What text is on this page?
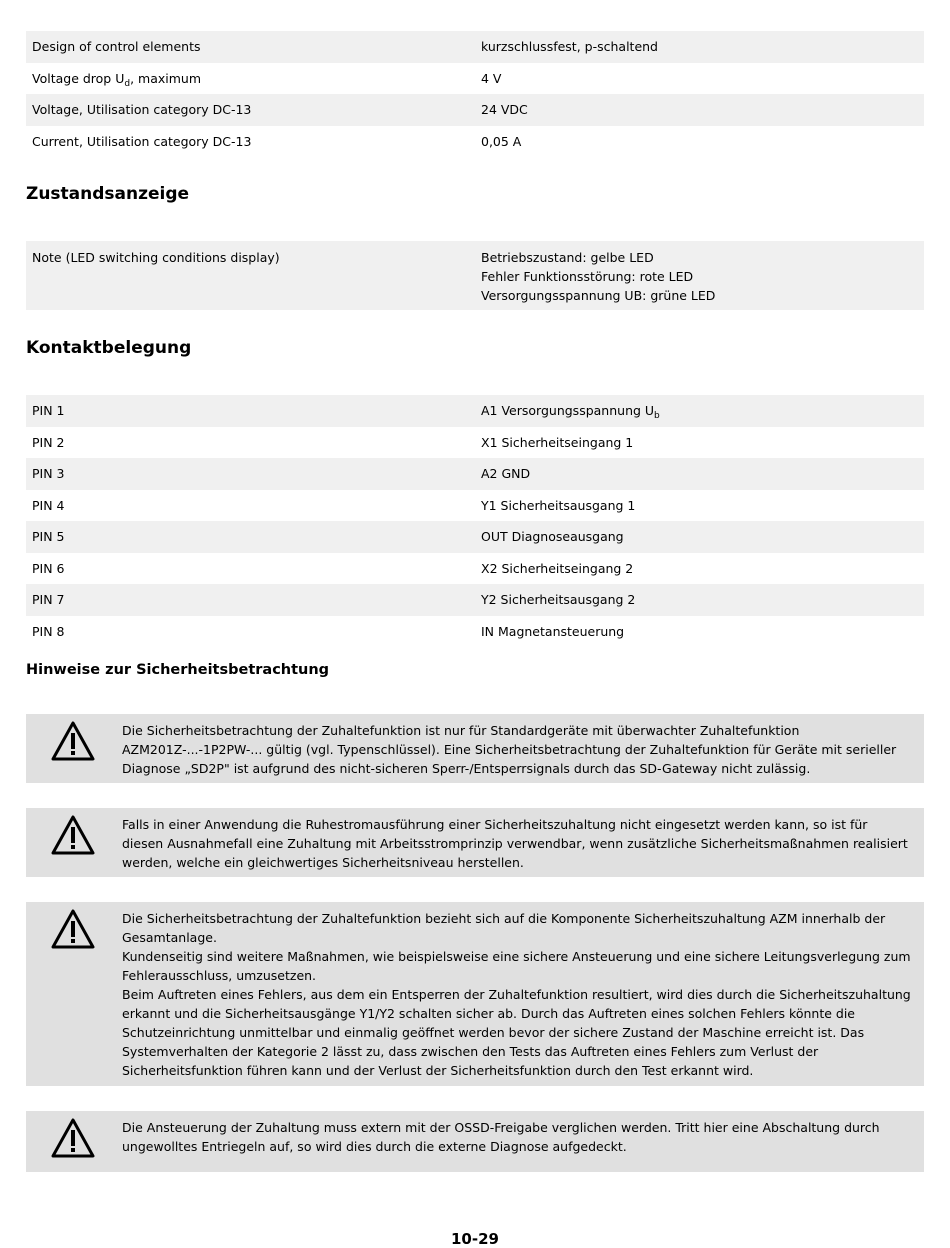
Design of control elements	kurzschlussfest, p-schaltend
Voltage drop $U_d$, maximum	4 V
Voltage, Utilisation category DC-13	24 VDC
Current, Utilisation category DC-13	0,05 A
Zustandsanzeige
Note (LED switching conditions display)	Betriebszustand: gelbe LED
Fehler Funktionsstörung: rote LED
Versorgungsspannung UB: grüne LED
Kontaktbelegung
PIN 1	A1 Versorgungsspannung $U_b$
PIN 2	X1 Sicherheitseingang 1
PIN 3	A2 GND
PIN 4	Y1 Sicherheitsausgang 1
PIN 5	OUT Diagnoseausgang
PIN 6	X2 Sicherheitseingang 2
PIN 7	Y2 Sicherheitsausgang 2
PIN 8	IN Magnetansteuerung
Hinweise zur Sicherheitsbetrachtung

Die Sicherheitsbetrachtung der Zuhaltefunktion ist nur für Standardgeräte mit überwachter Zuhaltefunktion AZM201Z-...-1P2PW-... gültig (vgl. Typenschlüssel). Eine Sicherheitsbetrachtung der Zuhaltefunktion für Geräte mit serieller Diagnose „SD2P" ist aufgrund des nicht-sicheren Sperr-/Entsperrsignals durch das SD-Gateway nicht zulässig.

Falls in einer Anwendung die Ruhestromausführung einer Sicherheitszuhaltung nicht eingesetzt werden kann, so ist für diesen Ausnahmefall eine Zuhaltung mit Arbeitsstromprinzip verwendbar, wenn zusätzliche Sicherheitsmaßnahmen realisiert werden, welche ein gleichwertiges Sicherheitsniveau herstellen.

Die Sicherheitsbetrachtung der Zuhaltefunktion bezieht sich auf die Komponente Sicherheitszuhaltung AZM innerhalb der Gesamtanlage.

Kundenseitig sind weitere Maßnahmen, wie beispielsweise eine sichere Ansteuerung und eine sichere Leitungsverlegung zum Fehlerausschluss, umzusetzen.

Beim Auftreten eines Fehlers, aus dem ein Entsperren der Zuhaltefunktion resultiert, wird dies durch die Sicherheitszuhaltung erkannt und die Sicherheitsausgänge Y1/Y2 schalten sicher ab. Durch das Auftreten eines solchen Fehlers könnte die Schutzeinrichtung unmittelbar und einmalig geöffnet werden bevor der sichere Zustand der Maschine erreicht ist. Das Systemverhalten der Kategorie 2 lässt zu, dass zwischen den Tests das Auftreten eines Fehlers zum Verlust der Sicherheitsfunktion führen kann und der Verlust der Sicherheitsfunktion durch den Test erkannt wird.

Die Ansteuerung der Zuhaltung muss extern mit der OSSD-Freigabe verglichen werden. Tritt hier eine Abschaltung durch ungewolltes Entriegeln auf, so wird dies durch die externe Diagnose aufgedeckt.

10-29
